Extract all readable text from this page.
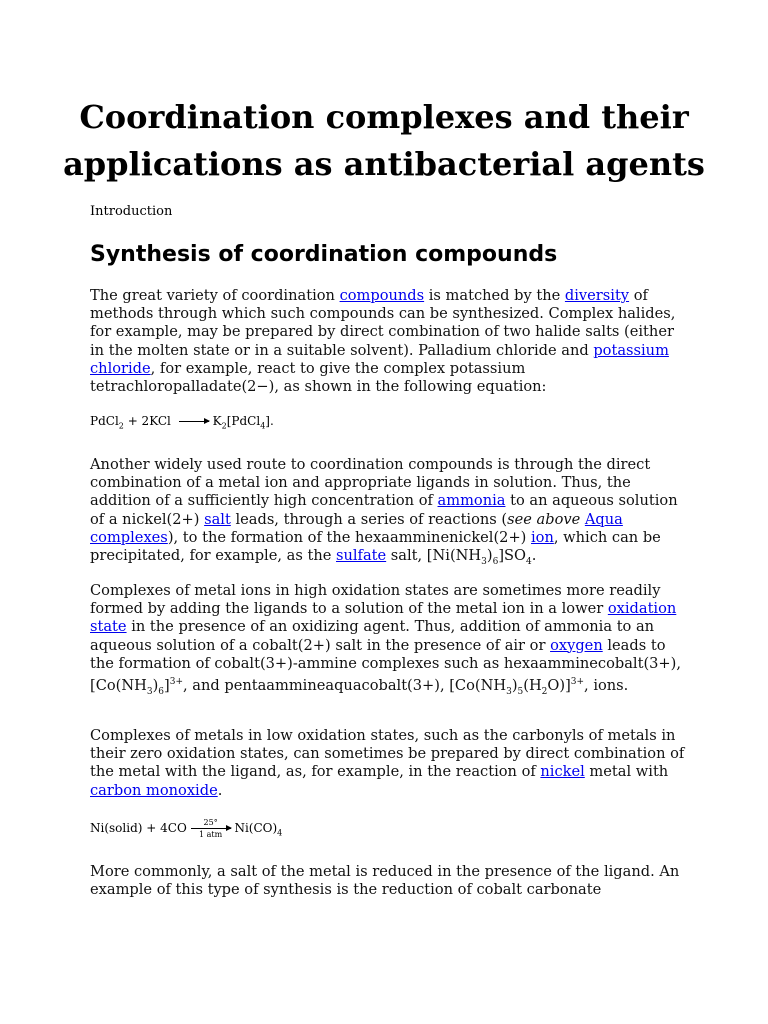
Coordination complexes and their applications as antibacterial agents
Introduction
Synthesis of coordination compounds

The great variety of coordination compounds is matched by the diversity of methods through which such compounds can be synthesized. Complex halides, for example, may be prepared by direct combination of two halide salts (either in the molten state or in a suitable solvent). Palladium chloride and potassium chloride, for example, react to give the complex potassium tetrachloropalladate(2−), as shown in the following equation:

PdCl$_2$ + $2KCl \to K_2[PdCl_4]$.

Another widely used route to coordination compounds is through the direct combination of a metal ion and appropriate ligands in solution. Thus, the addition of a sufficiently high concentration of ammonia to an aqueous solution of a nickel(2+) salt leads, through a series of reactions (see above Aqua complexes), to the formation of the hexaamminenickel(2+) ion, which can be precipitated, for example, as the sulfate salt, $[Ni(NH_3)_6]SO_4$.

Complexes of metal ions in high oxidation states are sometimes more readily formed by adding the ligands to a solution of the metal ion in a lower oxidation state in the presence of an oxidizing agent. Thus, addition of ammonia to an aqueous solution of a cobalt(2+) salt in the presence of air or oxygen leads to the formation of cobalt(3+)-ammine complexes such as hexaamminecobalt(3+), $[Co(NH_3)_6]^{3+}$, and pentaammineaquacobalt(3+), $[Co(NH_3)_5(H_2O)]^{3+}$, ions.

Complexes of metals in low oxidation states, such as the carbonyls of metals in their zero oxidation states, can sometimes be prepared by direct combination of the metal with the ligand, as, for example, in the reaction of nickel metal with carbon monoxide.

Ni(solid) + 4CO	25°
1 atm	$Ni(CO)_4$

More commonly, a salt of the metal is reduced in the presence of the ligand. An example of this type of synthesis is the reduction of cobalt carbonate
